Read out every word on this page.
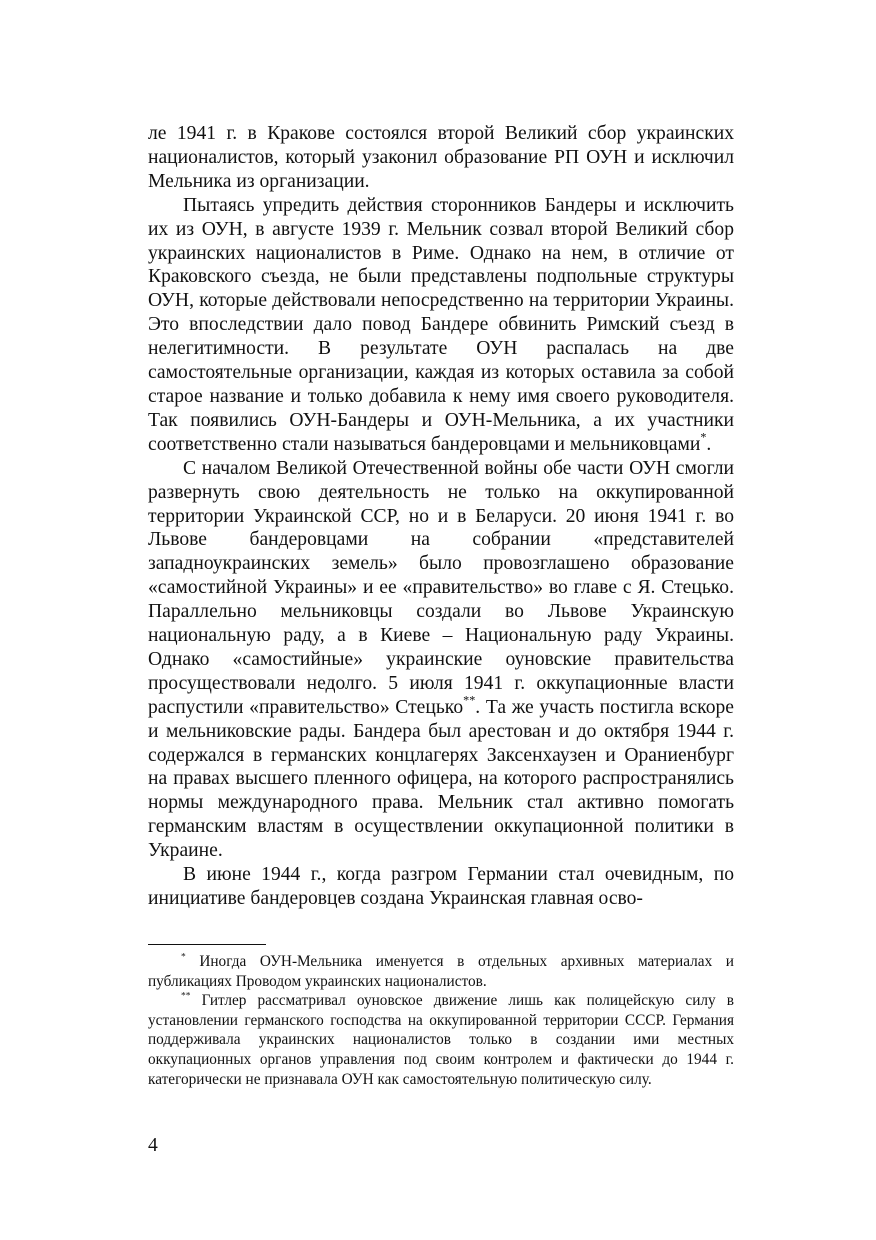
ле 1941 г. в Кракове состоялся второй Великий сбор украинских националистов, который узаконил образование РП ОУН и исключил Мельника из организации.

Пытаясь упредить действия сторонников Бандеры и исключить их из ОУН, в августе 1939 г. Мельник созвал второй Великий сбор украинских националистов в Риме. Однако на нем, в отличие от Краковского съезда, не были представлены подпольные структуры ОУН, которые действовали непосредственно на территории Украины. Это впоследствии дало повод Бандере обвинить Римский съезд в нелегитимности. В результате ОУН распалась на две самостоятельные организации, каждая из которых оставила за собой старое название и только добавила к нему имя своего руководителя. Так появились ОУН-Бандеры и ОУН-Мельника, а их участники соответственно стали называться бандеровцами и мельниковцами*.

С началом Великой Отечественной войны обе части ОУН смогли развернуть свою деятельность не только на оккупированной территории Украинской ССР, но и в Беларуси. 20 июня 1941 г. во Львове бандеровцами на собрании «представителей западноукраинских земель» было провозглашено образование «самостийной Украины» и ее «правительство» во главе с Я. Стецько. Параллельно мельниковцы создали во Львове Украинскую национальную раду, а в Киеве – Национальную раду Украины. Однако «самостийные» украинские оуновские правительства просуществовали недолго. 5 июля 1941 г. оккупационные власти распустили «правительство» Стецько**. Та же участь постигла вскоре и мельниковские рады. Бандера был арестован и до октября 1944 г. содержался в германских концлагерях Заксенхаузен и Ораниенбург на правах высшего пленного офицера, на которого распространялись нормы международного права. Мельник стал активно помогать германским властям в осуществлении оккупационной политики в Украине.

В июне 1944 г., когда разгром Германии стал очевидным, по инициативе бандеровцев создана Украинская главная осво-

* Иногда ОУН-Мельника именуется в отдельных архивных материалах и публикациях Проводом украинских националистов.

** Гитлер рассматривал оуновское движение лишь как полицейскую силу в установлении германского господства на оккупированной территории СССР. Германия поддерживала украинских националистов только в создании ими местных оккупационных органов управления под своим контролем и фактически до 1944 г. категорически не признавала ОУН как самостоятельную политическую силу.

4
